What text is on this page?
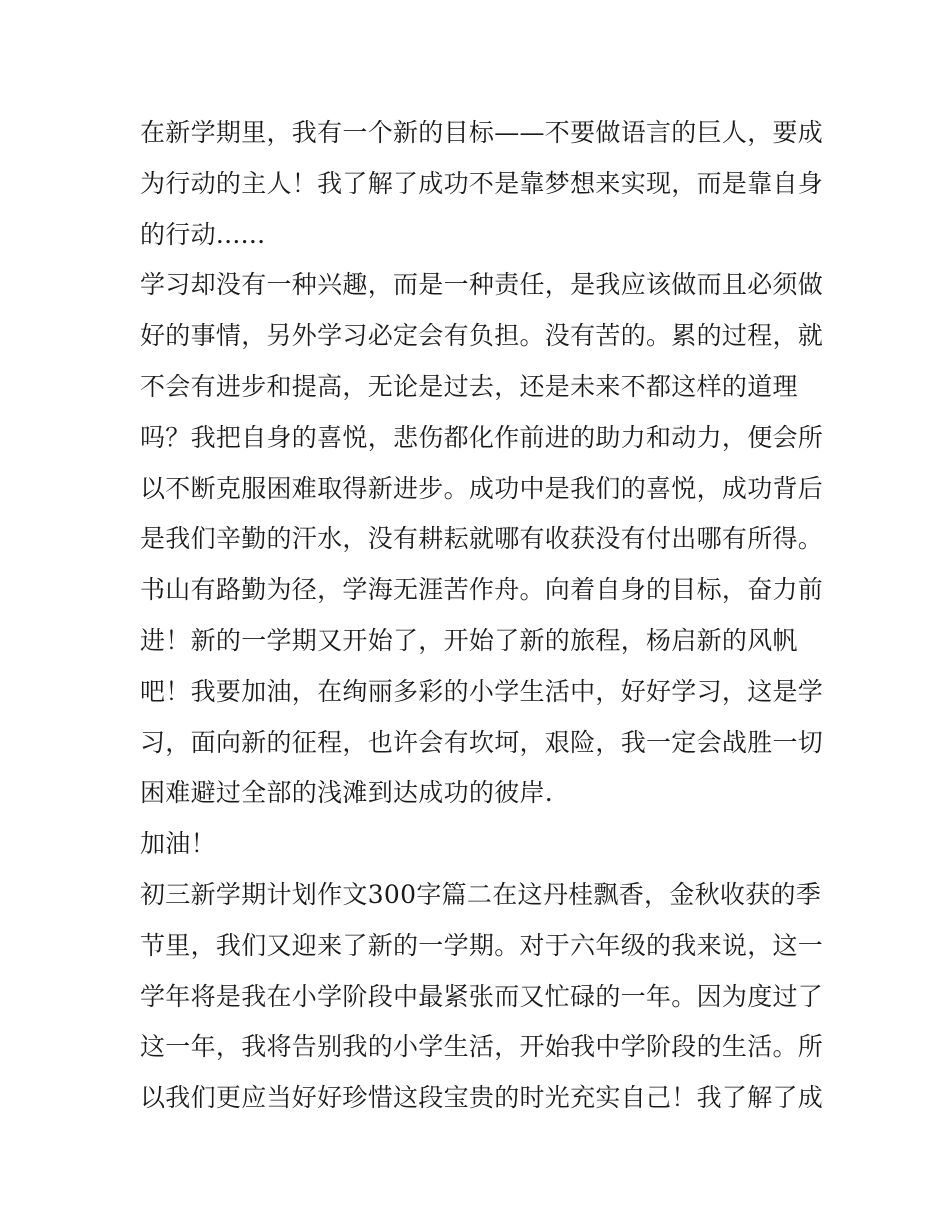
在新学期里，我有一个新的目标——不要做语言的巨人，要成
为行动的主人！我了解了成功不是靠梦想来实现，而是靠自身
的行动......
学习却没有一种兴趣，而是一种责任，是我应该做而且必须做
好的事情，另外学习必定会有负担。没有苦的。累的过程，就
不会有进步和提高，无论是过去，还是未来不都这样的道理
吗？我把自身的喜悦，悲伤都化作前进的助力和动力，便会所
以不断克服困难取得新进步。成功中是我们的喜悦，成功背后
是我们辛勤的汗水，没有耕耘就哪有收获没有付出哪有所得。
书山有路勤为径，学海无涯苦作舟。向着自身的目标，奋力前
进！新的一学期又开始了，开始了新的旅程，杨启新的风帆
吧！我要加油，在绚丽多彩的小学生活中，好好学习，这是学
习，面向新的征程，也许会有坎坷，艰险，我一定会战胜一切
困难避过全部的浅滩到达成功的彼岸.
加油！
初三新学期计划作文300字篇二在这丹桂飘香，金秋收获的季
节里，我们又迎来了新的一学期。对于六年级的我来说，这一
学年将是我在小学阶段中最紧张而又忙碌的一年。因为度过了
这一年，我将告别我的小学生活，开始我中学阶段的生活。所
以我们更应当好好珍惜这段宝贵的时光充实自己！我了解了成
